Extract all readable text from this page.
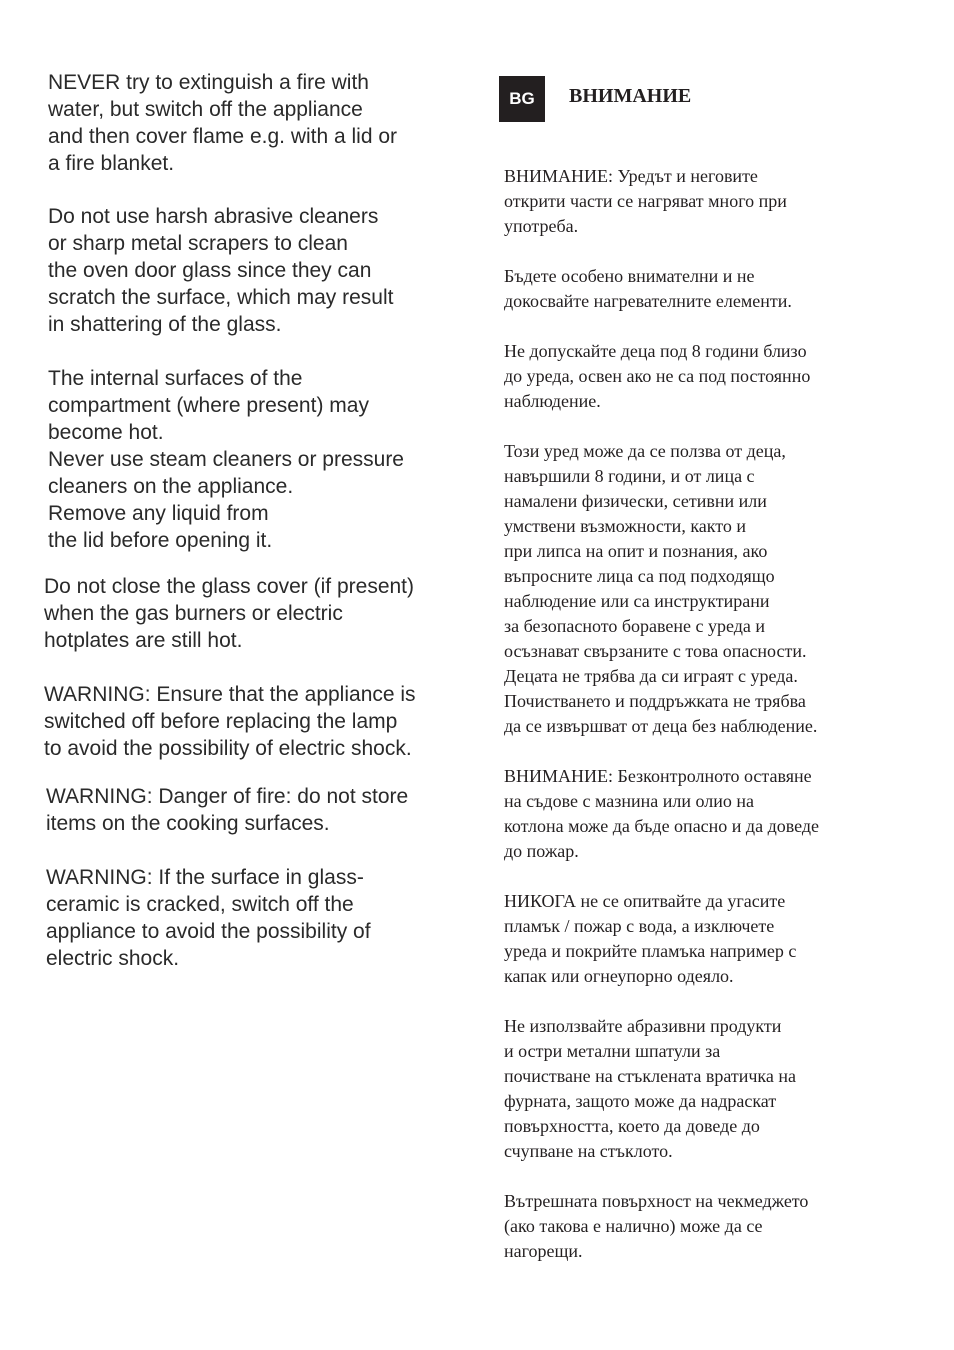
NEVER try to extinguish a fire with
water, but switch off the appliance
and then cover flame e.g. with a lid or
a fire blanket.

Do not use harsh abrasive cleaners
or sharp metal scrapers to clean
the oven door glass since they can
scratch the surface, which may result
in shattering of the glass.

The internal surfaces of the
compartment (where present) may
become hot.
Never use steam cleaners or pressure
cleaners on the appliance.
Remove any liquid from
the lid before opening it.

Do not close the glass cover (if present)
when the gas burners or electric
hotplates are still hot.

WARNING: Ensure that the appliance is
switched off before replacing the lamp
to avoid the possibility of electric shock.

WARNING: Danger of fire: do not store
items on the cooking surfaces.

WARNING: If the surface in glass-
ceramic is cracked, switch off the
appliance to avoid the possibility of
electric shock.

BG	ВНИМАНИЕ

ВНИМАНИЕ: Уредът и неговите
открити части се нагряват много при
употреба.

Бъдете особено внимателни и не
докосвайте нагревателните елементи.

Не допускайте деца под 8 години близо
до уреда, освен ако не са под постоянно
наблюдение.

Този уред може да се ползва от деца,
навършили 8 години, и от лица с
намалени физически, сетивни или
умствени възможности, както и
при липса на опит и познания, ако
въпросните лица са под подходящо
наблюдение или са инструктирани
за безопасното боравене с уреда и
осъзнават свързаните с това опасности.
Децата не трябва да си играят с уреда.
Почистването и поддръжката не трябва
да се извършват от деца без наблюдение.

ВНИМАНИЕ: Безконтролното оставяне
на съдове с мазнина или олио на
котлона може да бъде опасно и да доведе
до пожар.

НИКОГА не се опитвайте да угасите
пламък / пожар с вода, а изключете
уреда и покрийте пламъка например с
капак или огнеупорно одеяло.

Не използвайте абразивни продукти
и остри метални шпатули за
почистване на стъклената вратичка на
фурната, защото може да надраскат
повърхността, което да доведе до
счупване на стъклото.

Вътрешната повърхност на чекмеджето
(ако такова е налично) може да се
нагорещи.
